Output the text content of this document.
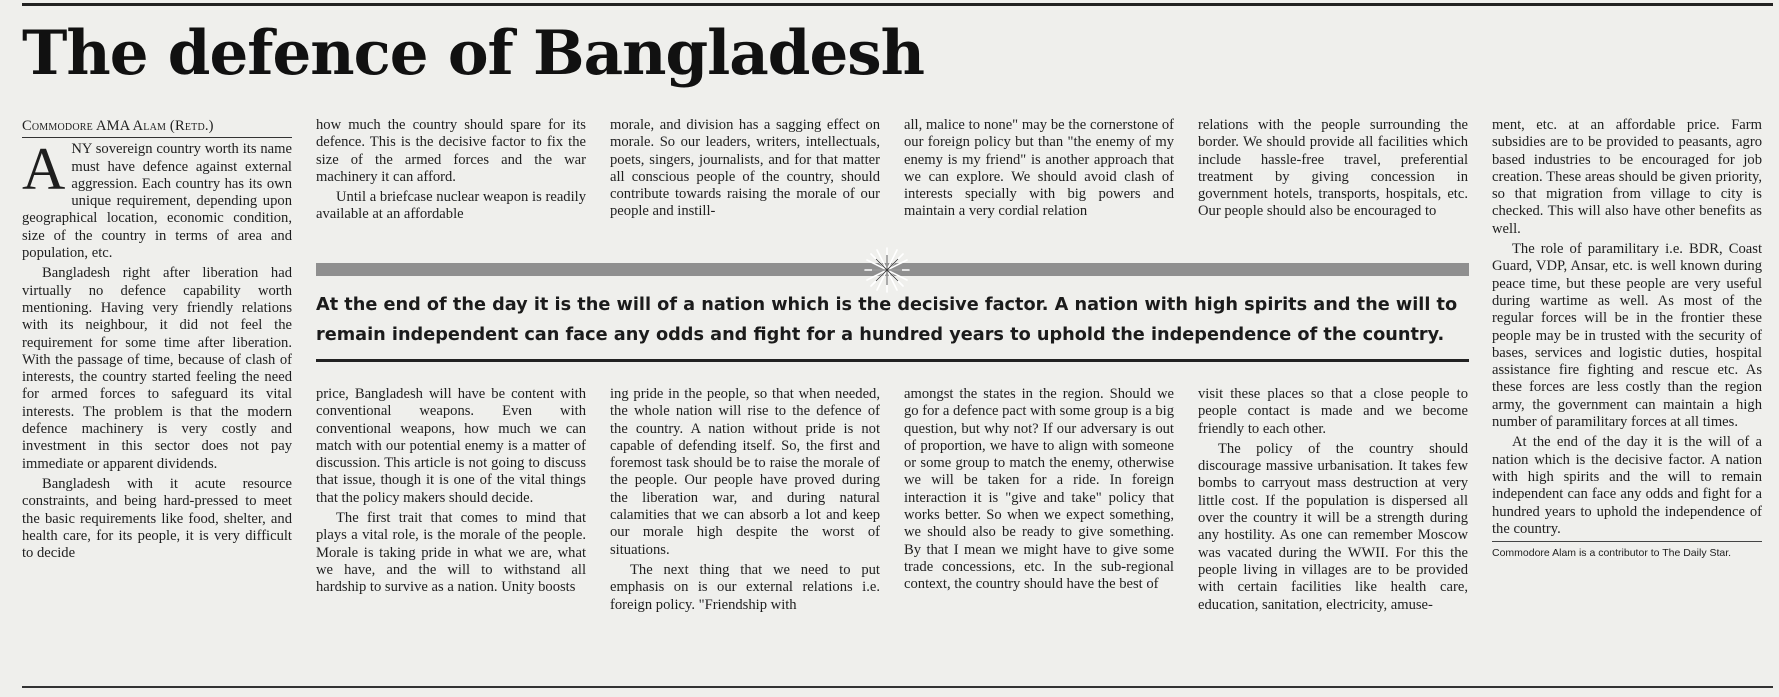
The defence of Bangladesh

Commodore AMA Alam (Retd.)

ANY sovereign country worth its name must have defence against external aggression. Each country has its own unique requirement, depending upon geographical location, economic condition, size of the country in terms of area and population, etc.

Bangladesh right after liberation had virtually no defence capability worth mentioning. Having very friendly relations with its neighbour, it did not feel the requirement for some time after liberation. With the passage of time, because of clash of interests, the country started feeling the need for armed forces to safeguard its vital interests. The problem is that the modern defence machinery is very costly and investment in this sector does not pay immediate or apparent dividends.

Bangladesh with it acute resource constraints, and being hard-pressed to meet the basic requirements like food, shelter, and health care, for its people, it is very difficult to decide

how much the country should spare for its defence. This is the decisive factor to fix the size of the armed forces and the war machinery it can afford.

Until a briefcase nuclear weapon is readily available at an affordable

morale, and division has a sagging effect on morale. So our leaders, writers, intellectuals, poets, singers, journalists, and for that matter all conscious people of the country, should contribute towards raising the morale of our people and instill-

all, malice to none" may be the cornerstone of our foreign policy but than "the enemy of my enemy is my friend" is another approach that we can explore. We should avoid clash of interests specially with big powers and maintain a very cordial relation

relations with the people surrounding the border. We should provide all facilities which include hassle-free travel, preferential treatment by giving concession in government hotels, transports, hospitals, etc. Our people should also be encouraged to

At the end of the day it is the will of a nation which is the decisive factor. A nation with high spirits and the will to remain independent can face any odds and fight for a hundred years to uphold the independence of the country.

price, Bangladesh will have be content with conventional weapons. Even with conventional weapons, how much we can match with our potential enemy is a matter of discussion. This article is not going to discuss that issue, though it is one of the vital things that the policy makers should decide.

The first trait that comes to mind that plays a vital role, is the morale of the people. Morale is taking pride in what we are, what we have, and the will to withstand all hardship to survive as a nation. Unity boosts

ing pride in the people, so that when needed, the whole nation will rise to the defence of the country. A nation without pride is not capable of defending itself. So, the first and foremost task should be to raise the morale of the people. Our people have proved during the liberation war, and during natural calamities that we can absorb a lot and keep our morale high despite the worst of situations.

The next thing that we need to put emphasis on is our external relations i.e. foreign policy. "Friendship with

amongst the states in the region. Should we go for a defence pact with some group is a big question, but why not? If our adversary is out of proportion, we have to align with someone or some group to match the enemy, otherwise we will be taken for a ride. In foreign interaction it is "give and take" policy that works better. So when we expect something, we should also be ready to give something. By that I mean we might have to give some trade concessions, etc. In the sub-regional context, the country should have the best of

visit these places so that a close people to people contact is made and we become friendly to each other.

The policy of the country should discourage massive urbanisation. It takes few bombs to carryout mass destruction at very little cost. If the population is dispersed all over the country it will be a strength during any hostility. As one can remember Moscow was vacated during the WWII. For this the people living in villages are to be provided with certain facilities like health care, education, sanitation, electricity, amuse-

ment, etc. at an affordable price. Farm subsidies are to be provided to peasants, agro based industries to be encouraged for job creation. These areas should be given priority, so that migration from village to city is checked. This will also have other benefits as well.

The role of paramilitary i.e. BDR, Coast Guard, VDP, Ansar, etc. is well known during peace time, but these people are very useful during wartime as well. As most of the regular forces will be in the frontier these people may be in trusted with the security of bases, services and logistic duties, hospital assistance fire fighting and rescue etc. As these forces are less costly than the region army, the government can maintain a high number of paramilitary forces at all times.

At the end of the day it is the will of a nation which is the decisive factor. A nation with high spirits and the will to remain independent can face any odds and fight for a hundred years to uphold the independence of the country.

Commodore Alam is a contributor to The Daily Star.
